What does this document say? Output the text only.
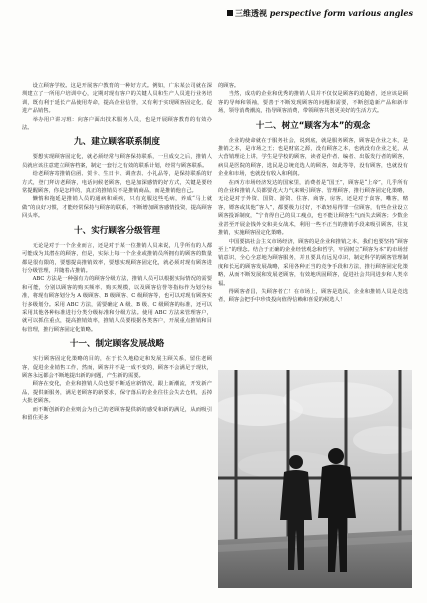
三维透视 perspective form various angles

设立顾客学校。这是开展客户教育的一种好方式。例如，广东某公司就在深圳建立了一所用户培训中心，定期对现有客户的关键人员和生产人员进行业务培训，既有利于延长产品使用寿命，提高企业信誉，又有利于实现顾客固定化，促进产品销售。

举办用户讲习班：向客户面出技术服务人员，也是开展顾客教育的有效办法。

九、建立顾客联系制度

要想实现顾客固定化，就必须经常与顾客保持联系，一旦成交之后，推销人员就应该注意建立顾客档案，制定一套行之有效的联系计划，经常与顾客联系。

给老顾客寄推销信函、贺卡、生日卡、调查表、小礼品等，是保持联系的好方式，登门拜访老顾客，电话问候老顾客，也是加深感情的好方式，关键是要经常提醒顾客，你是怎样的，真正的推销员不是推销商品，而是推销他自己。

懒惰和拖延是推销人员的通病和顽疾，只有克服这些毛病，养成“马上就做”的良好习惯，才能经常保持与顾客的联系，不断增加顾客感情投资，提高顾客回头率。

十、实行顾客分级管理

无论是对于一个企业而言，还是对于某一位推销人员来说，几乎所有的人都可能成为其潜在的顾客，但是，实际上每一个企业或推销员所拥有的顾客的数量都是很有限的，要想提高推销效率，要想实现顾客固定化，就必须对现有顾客进行分级管理，并随着占推销。

ABC 方法是一种强有力的顾客分级方法，推销人员可以根据实际情况的需要和可能，分别以顾客的购买频率、购买规模，以及顾客信誉等指标作为划分标准，将现有顾客划分为 A 级顾客、B 级顾客、C 级顾客等，也可以对现有顾客实行多级划分。采用 ABC 方法，需要确定 A 级、B 级、C 级顾客的标准，还可以采用其他各种标准进行分类分级标准和分级方法。使用 ABC 方法来管理客户，就可以抓住重点，提高推销效率，推销人员要根据各类客户，开展重点推销和目标管理，推行顾客固定化策略。

十一、制定顾客发展战略

实行顾客固定化策略的目的，在于长久地稳定和发展主顾关系，留住老顾客，促进企业销售工作，然而，顾客并不是一成不变的，顾客不会满足于现状，顾客永远都会不断地提出新的问题，产生新的需要。

顾客在变化，企业和推销人员也要不断适应新情况，跟上新潮流，开发新产品，提供新服务，满足老顾客的新要求，保守落后的企业往往会失去仓机，丢掉大批老顾客。

而不断创新的企业则会为自己的老顾客提供新的感受和新的满足，从而吸引和留住更多

的顾客。

当然，成功的企业和优秀的推销人员并不仅仅是顾客的追随者，还应该是顾客的导师和领袖，要善于不断发现顾客的问题和需要，不断创造新产品和新市场，领导消费潮流，指导顾客消费，带领顾客共创更美好的生活方式。

十二、树立“顾客为本”的观念

企业的使命就在于服务社会，说到底，就是服务顾客，顾客是企业之本，是推销之本，是市场之王；也是财富之源，没有顾客之本，也就没有企业之花，从大营销理论上讲，学生是学校的顾客，读者是作者、编者、出版发行者的顾客，病员是医院的顾客，选民是总统竞选人的顾客，如此等等，没有顾客，也就没有企业和市场，也就没有收入和利润。

在西方市场经济发达的国家里，消费者是“国王”，顾客是“上帝”，几乎所有的企业和推销人员都要花大力气来吸引顾客、管理顾客，推行顾客固定化策略，无论是对于外资、国资、游资、住客、商客，房客，还是对于食客，嘞客，赌客，嫖客或其他“客人”，都要极力讨好，不敢轻易得罪一位顾客，有些企业设立顾客投诉制度，“宁肯得自己的员工瘦点，也不能让顾客生气而失去顾客；少数企业甚至开展金钱外交和美女战术，利用一些不正当的推销手段来吸引顾客，往复推销，实施顾客固定化策略。

中国要搞社会主义市场经济，顾客的是企业和推销之本，我们也要坚持“顾客至上”的理念。结合于正确的企业经营观念和哲学，牢固树立“顾客为本”的市场营销意识，全心全意地为顾客服务，并且要具有远见卓识，制定科学的顾客管理制度和长远的顾客发展战略，采用各种正当的竞争手段和方法，推行顾客固定化策略，从而不断发展和发展老顾客，有效地巩固顾客，促进社会共同进步和人类幸福。

得顾客者昌，失顾客者亡！在市场上，顾客是选民，企业和推销人员是竞选者，顾客会把手中珍贵投向值得信赖和喜爱的候选人！
